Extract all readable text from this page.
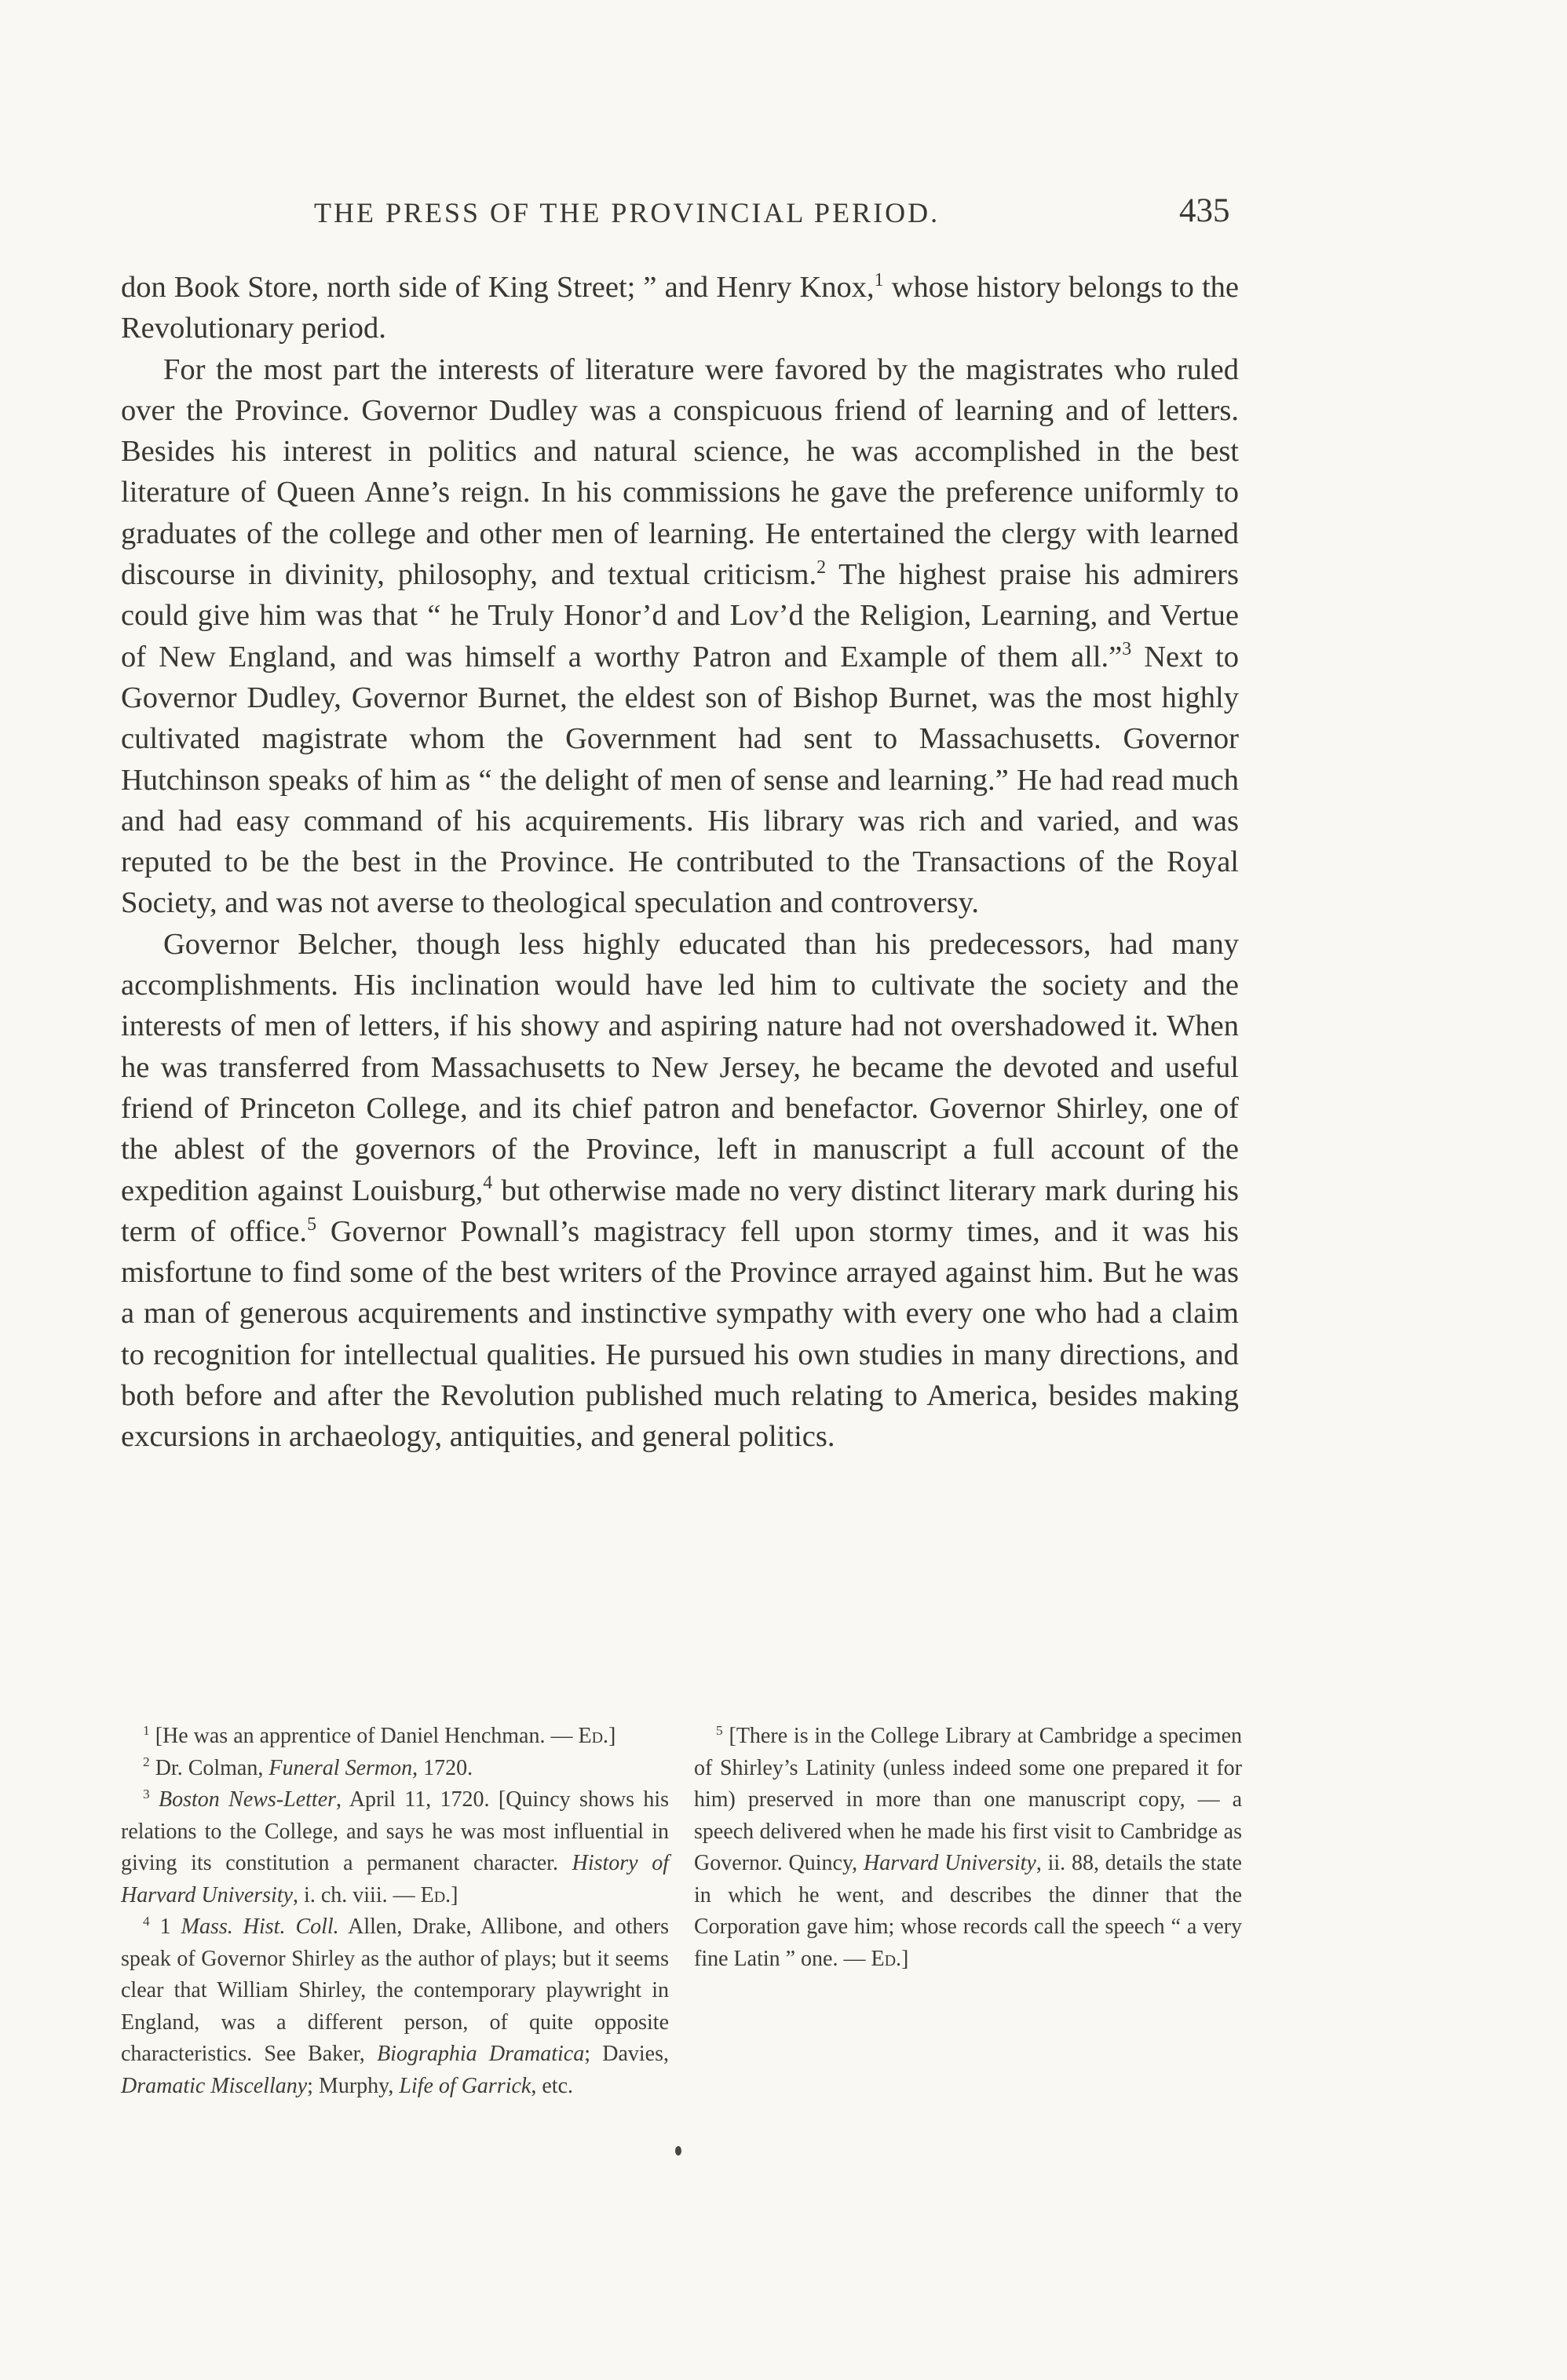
THE PRESS OF THE PROVINCIAL PERIOD.	435

don Book Store, north side of King Street; ” and Henry Knox,$^1$ whose history belongs to the Revolutionary period.

For the most part the interests of literature were favored by the magistrates who ruled over the Province. Governor Dudley was a conspicuous friend of learning and of letters. Besides his interest in politics and natural science, he was accomplished in the best literature of Queen Anne’s reign. In his commissions he gave the preference uniformly to graduates of the college and other men of learning. He entertained the clergy with learned discourse in divinity, philosophy, and textual criticism.$^2$ The highest praise his admirers could give him was that “ he Truly Honor’d and Lov’d the Religion, Learning, and Vertue of New England, and was himself a worthy Patron and Example of them all.”$^3$ Next to Governor Dudley, Governor Burnet, the eldest son of Bishop Burnet, was the most highly cultivated magistrate whom the Government had sent to Massachusetts. Governor Hutchinson speaks of him as “ the delight of men of sense and learning.” He had read much and had easy command of his acquirements. His library was rich and varied, and was reputed to be the best in the Province. He contributed to the Transactions of the Royal Society, and was not averse to theological speculation and controversy.

Governor Belcher, though less highly educated than his predecessors, had many accomplishments. His inclination would have led him to cultivate the society and the interests of men of letters, if his showy and aspiring nature had not overshadowed it. When he was transferred from Massachusetts to New Jersey, he became the devoted and useful friend of Princeton College, and its chief patron and benefactor. Governor Shirley, one of the ablest of the governors of the Province, left in manuscript a full account of the expedition against Louisburg,$^4$ but otherwise made no very distinct literary mark during his term of office.$^5$ Governor Pownall’s magistracy fell upon stormy times, and it was his misfortune to find some of the best writers of the Province arrayed against him. But he was a man of generous acquirements and instinctive sympathy with every one who had a claim to recognition for intellectual qualities. He pursued his own studies in many directions, and both before and after the Revolution published much relating to America, besides making excursions in archaeology, antiquities, and general politics.

$^1$ [He was an apprentice of Daniel Henchman. — Ed.]

$^2$ Dr. Colman, Funeral Sermon, 1720.

$^3$ Boston News-Letter, April 11, 1720. [Quincy shows his relations to the College, and says he was most influential in giving its constitution a permanent character. History of Harvard University, i. ch. viii. — Ed.]

$^4$ 1 Mass. Hist. Coll. Allen, Drake, Allibone, and others speak of Governor Shirley as the author of plays; but it seems clear that William Shirley, the contemporary playwright in England, was a different person, of quite opposite characteristics. See Baker, Biographia Dramatica; Davies, Dramatic Miscellany; Murphy, Life of Garrick, etc.

$^5$ [There is in the College Library at Cambridge a specimen of Shirley’s Latinity (unless indeed some one prepared it for him) preserved in more than one manuscript copy, — a speech delivered when he made his first visit to Cambridge as Governor. Quincy, Harvard University, ii. 88, details the state in which he went, and describes the dinner that the Corporation gave him; whose records call the speech “ a very fine Latin ” one. — Ed.]
